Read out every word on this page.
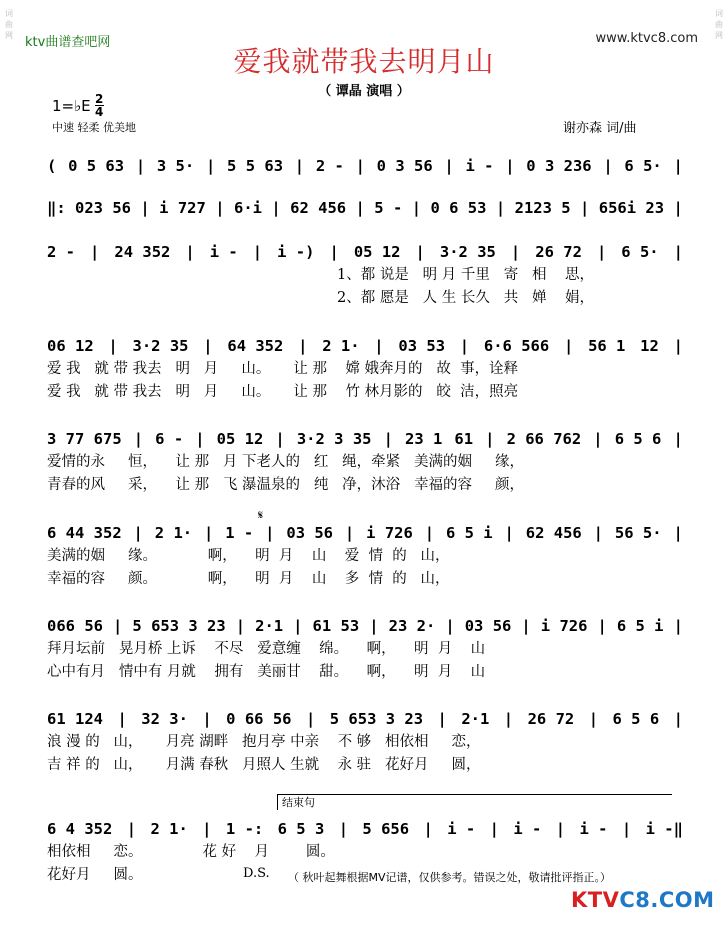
词曲网
词曲网
ktv曲谱查吧网	www.ktvc8.com
爱我就带我去明月山
（ 谭晶 演唱 ）
1=♭E 2
4
中速 轻柔 优美地	谢亦森 词/曲
( 0 5 63 | 3 5· | 5 5 63 | 2 - | 0 3 56 | i - | 0 3 236 | 6 5· |
‖: 023 56 | i 727 | 6·i | 62 456 | 5 - | 0 6 53 | 2123 5 | 656i 23 |
2 - | 24 352 | i - | i -) | 05 12 | 3·2 35 | 26 72 | 6 5· |
1、都 说是   明 月 千里   寄   相    思，
2、都 愿是   人 生 长久   共   婵    娟，
06 12 | 3·2 35 | 64 352 | 2 1· | 03 53 | 6·6 566 | 56 1 12 |
爱 我   就 带 我去   明   月     山。     让 那    嫦 娥奔月的   故  事，诠释
爱 我   就 带 我去   明   月     山。     让 那    竹 林月影的   皎  洁，照亮
3 77 675 | 6 - | 05 12 | 3·2 3 35 | 23 1 61 | 2 66 762 | 6 5 6 |
爱情的永     恒，    让 那   月 下老人的   红   绳，牵紧   美满的姻     缘，
青春的风     采，    让 那   飞 瀑温泉的   纯   净，沐浴   幸福的容     颜，
𝄋
6 44 352 | 2 1· | 1 - | 03 56 | i 726 | 6 5 i | 62 456 | 56 5· |
美满的姻     缘。           啊，    明  月    山    爱  情  的   山，
幸福的容     颜。           啊，    明  月    山    多  情  的   山，
066 56 | 5 653 3 23 | 2·1 | 61 53 | 23 2· | 03 56 | i 726 | 6 5 i |
拜月坛前   晃月桥 上诉    不尽   爱意缠    绵。    啊，    明  月    山
心中有月   情中有 月就    拥有   美丽甘    甜。    啊，    明  月    山
61 124 | 32 3· | 0 66 56 | 5 653 3 23 | 2·1 | 26 72 | 6 5 6 |
浪 漫 的   山，     月亮 湖畔   抱月亭 中亲    不 够   相依相     恋，
吉 祥 的   山，     月满 春秋   月照人 生就    永 驻   花好月     圆，
结束句
6 4 352 | 2 1· | 1 -: 6 5 3 | 5 656 | i - | i - | i - | i -‖
相依相     恋。             花 好    月        圆。
花好月     圆。	D.S. （ 秋叶起舞根据MV记谱，仅供参考。错误之处，敬请批评指正。）
KTVC8.COM
